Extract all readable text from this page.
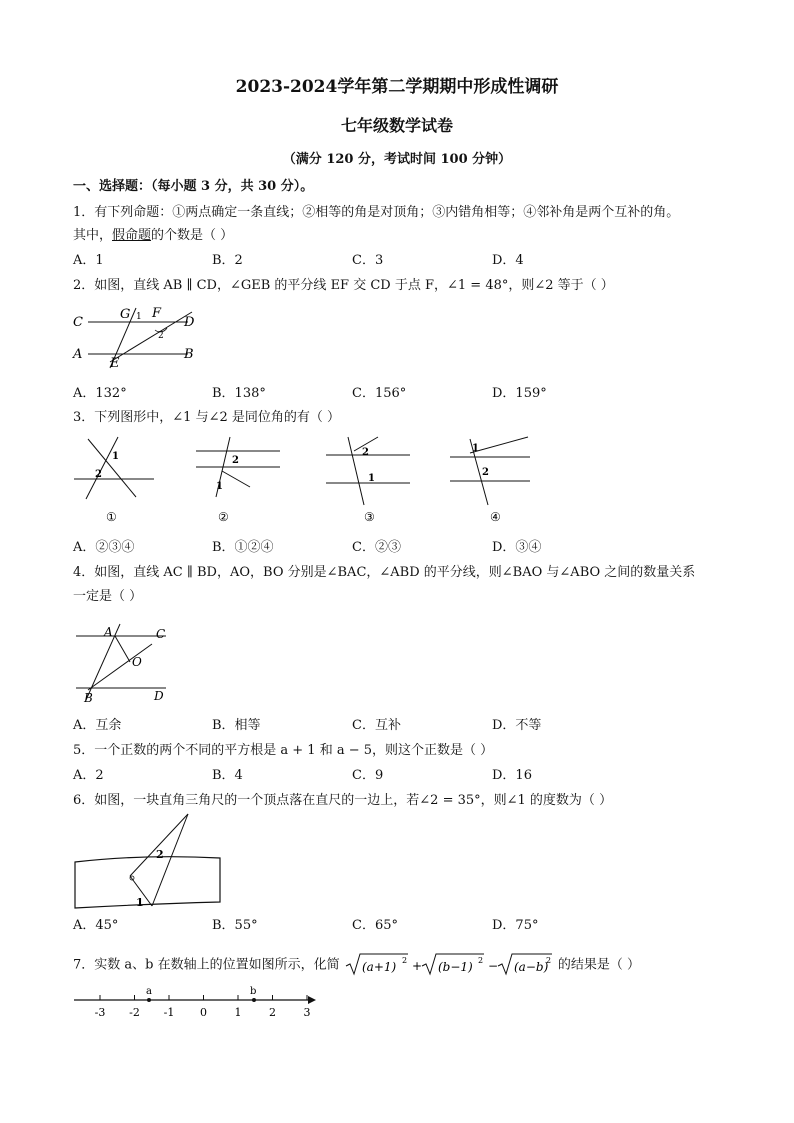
2023-2024学年第二学期期中形成性调研
七年级数学试卷
（满分 120 分，考试时间 100 分钟）
一、选择题：（每小题 3 分，共 30 分）。
1．有下列命题：①两点确定一条直线；②相等的角是对顶角；③内错角相等；④邻补角是两个互补的角。
其中，假命题的个数是（ ）
A．1	B．2	C．3	D．4
2．如图，直线 AB ∥ CD，∠GEB 的平分线 EF 交 CD 于点 F，∠1 = 48°，则∠2 等于（ ）
C
G 1 F
D
2
A
E
B
A．132°	B．138°	C．156°	D．159°
3．下列图形中，∠1 与∠2 是同位角的有（ ）
1
2
①
2
1
②
2
1
③
1
2
④
A．②③④	B．①②④	C．②③	D．③④
4．如图，直线 AC ∥ BD，AO，BO 分别是∠BAC，∠ABD 的平分线，则∠BAO 与∠ABO 之间的数量关系
一定是（ ）
A	C
O
B	D
A．互余	B．相等	C．互补	D．不等
5．一个正数的两个不同的平方根是 a + 1 和 a − 5，则这个正数是（ ）
A．2	B．4	C．9	D．16
6．如图，一块直角三角尺的一个顶点落在直尺的一边上，若∠2 = 35°，则∠1 的度数为（ ）
2
1
A．45°	B．55°	C．65°	D．75°
7．实数 a、b 在数轴上的位置如图所示，化简 (a+1) 2 + (b−1) 2 − (a−b)
2 的结果是（ ）
-3 -2 -1 0	1	2	3
a	b
